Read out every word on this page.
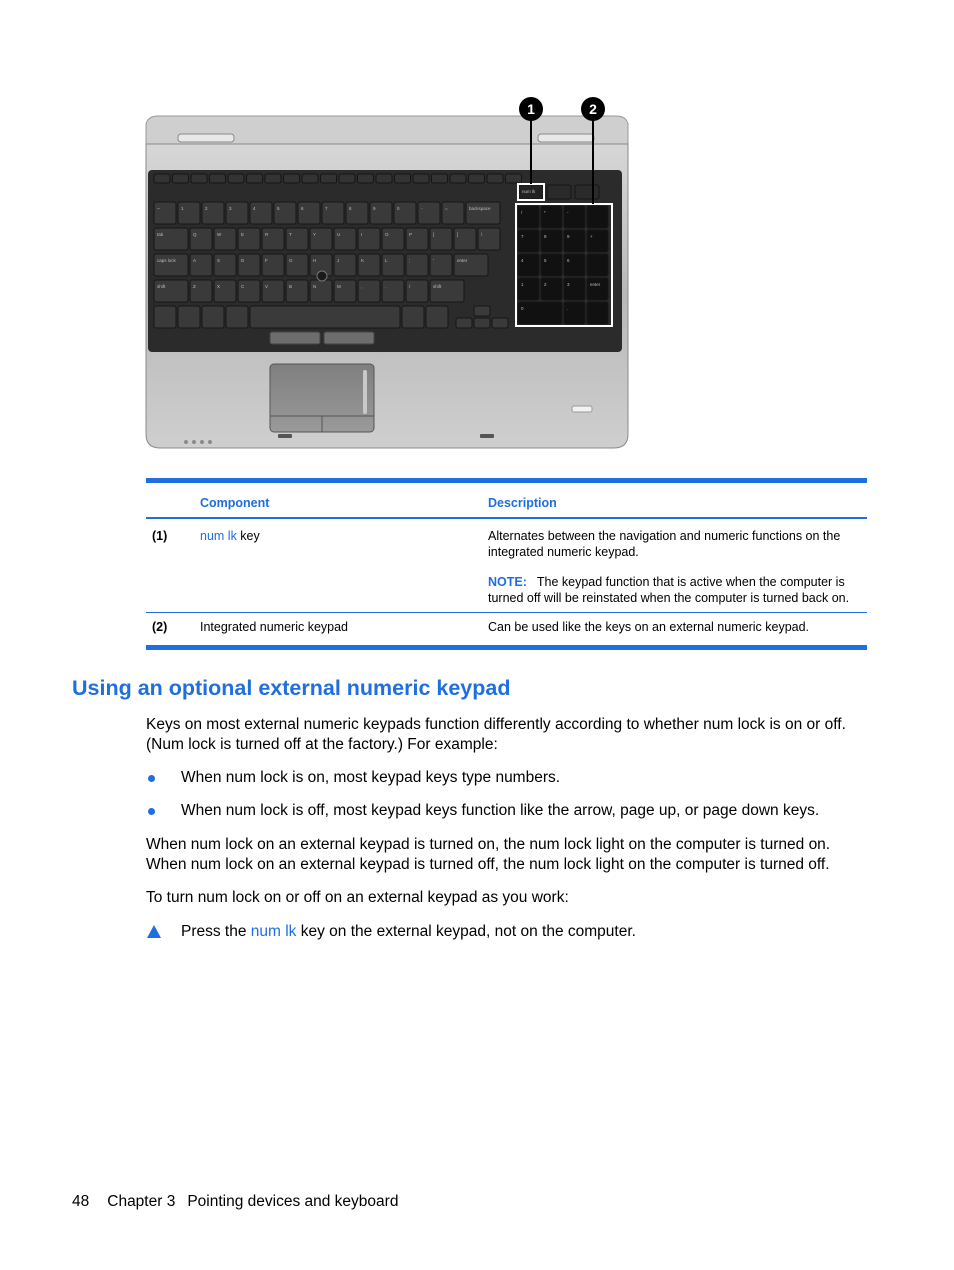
~	1	2	3	4	5	6	7	8	9	0	-	=	backspace
tab	Q	W	E	R	T	Y	U	I	O	P	[	]	\
caps lock	A	S	D	F	G	H	J	K	L	;	'	enter
shift	Z	X	C	V	B	N	M	,	.	/	shift
num lk
/	*	-
7	8	9	+
4	5	6
1	2	3	enter
0	.
1	2
	Component	Description
(1)	num lk key	Alternates between the navigation and numeric functions on the integrated numeric keypad.
NOTE: The keypad function that is active when the computer is turned off will be reinstated when the computer is turned back on.

(2)	Integrated numeric keypad	Can be used like the keys on an external numeric keypad.
Using an optional external numeric keypad

Keys on most external numeric keypads function differently according to whether num lock is on or off. (Num lock is turned off at the factory.) For example:

When num lock is on, most keypad keys type numbers.
When num lock is off, most keypad keys function like the arrow, page up, or page down keys.

When num lock on an external keypad is turned on, the num lock light on the computer is turned on. When num lock on an external keypad is turned off, the num lock light on the computer is turned off.

To turn num lock on or off on an external keypad as you work:

Press the num lk key on the external keypad, not on the computer.
48 Chapter 3 Pointing devices and keyboard
